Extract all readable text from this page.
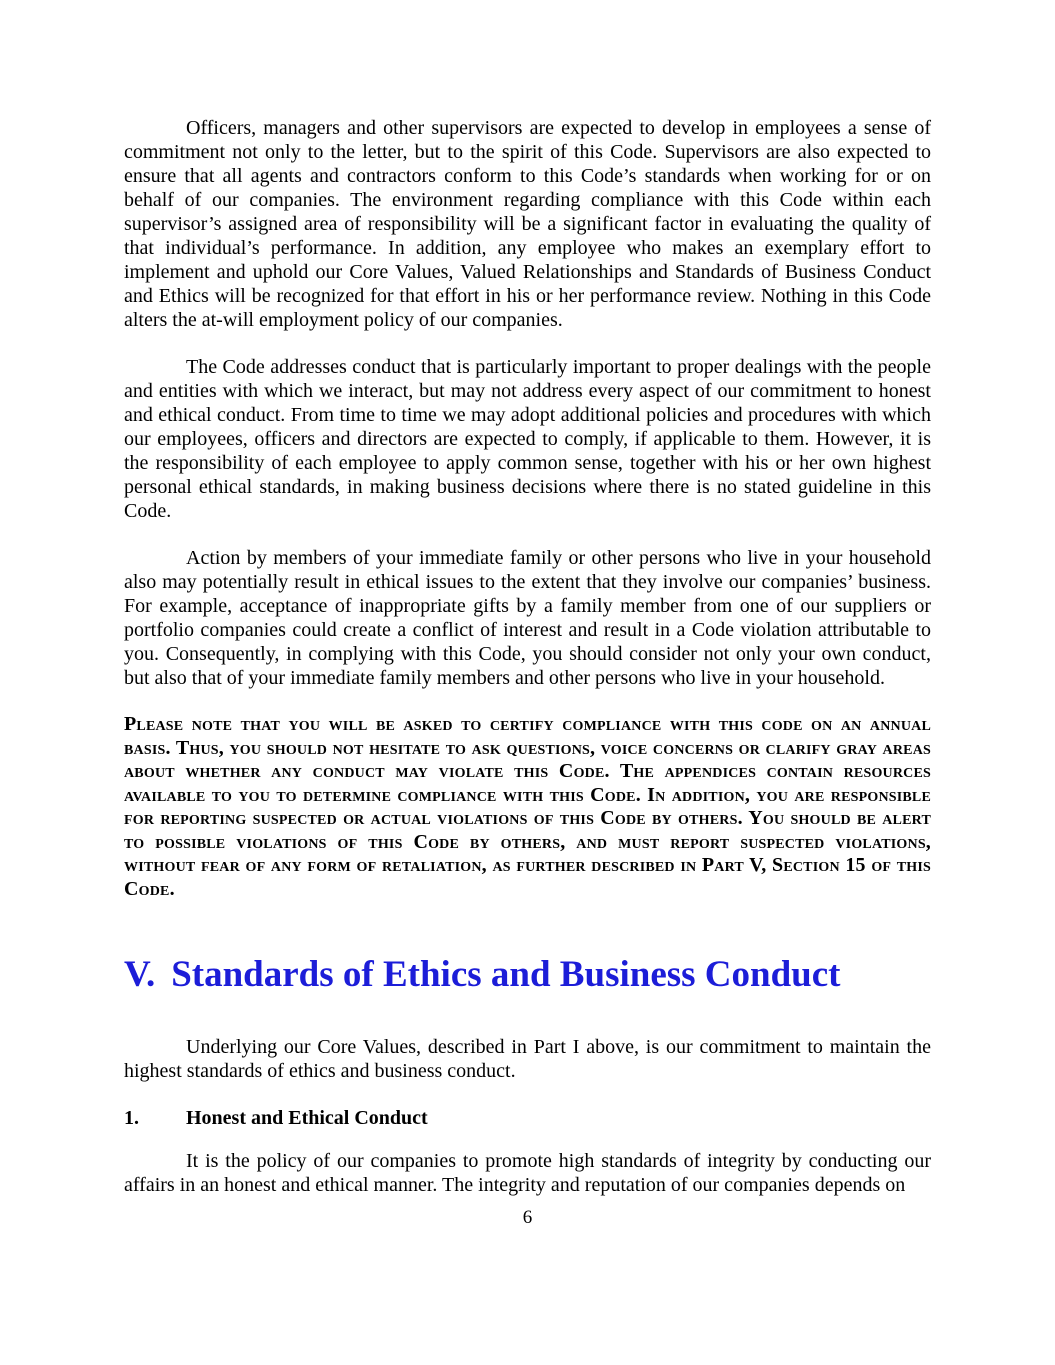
Officers, managers and other supervisors are expected to develop in employees a sense of commitment not only to the letter, but to the spirit of this Code. Supervisors are also expected to ensure that all agents and contractors conform to this Code’s standards when working for or on behalf of our companies. The environment regarding compliance with this Code within each supervisor’s assigned area of responsibility will be a significant factor in evaluating the quality of that individual’s performance. In addition, any employee who makes an exemplary effort to implement and uphold our Core Values, Valued Relationships and Standards of Business Conduct and Ethics will be recognized for that effort in his or her performance review. Nothing in this Code alters the at-will employment policy of our companies.

The Code addresses conduct that is particularly important to proper dealings with the people and entities with which we interact, but may not address every aspect of our commitment to honest and ethical conduct. From time to time we may adopt additional policies and procedures with which our employees, officers and directors are expected to comply, if applicable to them. However, it is the responsibility of each employee to apply common sense, together with his or her own highest personal ethical standards, in making business decisions where there is no stated guideline in this Code.

Action by members of your immediate family or other persons who live in your household also may potentially result in ethical issues to the extent that they involve our companies’ business. For example, acceptance of inappropriate gifts by a family member from one of our suppliers or portfolio companies could create a conflict of interest and result in a Code violation attributable to you. Consequently, in complying with this Code, you should consider not only your own conduct, but also that of your immediate family members and other persons who live in your household.

Please note that you will be asked to certify compliance with this code on an annual basis. Thus, you should not hesitate to ask questions, voice concerns or clarify gray areas about whether any conduct may violate this Code. The appendices contain resources available to you to determine compliance with this Code. In addition, you are responsible for reporting suspected or actual violations of this Code by others. You should be alert to possible violations of this Code by others, and must report suspected violations, without fear of any form of retaliation, as further described in Part V, Section 15 of this Code.

V. Standards of Ethics and Business Conduct

Underlying our Core Values, described in Part I above, is our commitment to maintain the highest standards of ethics and business conduct.

1. Honest and Ethical Conduct

It is the policy of our companies to promote high standards of integrity by conducting our affairs in an honest and ethical manner. The integrity and reputation of our companies depends on

6
